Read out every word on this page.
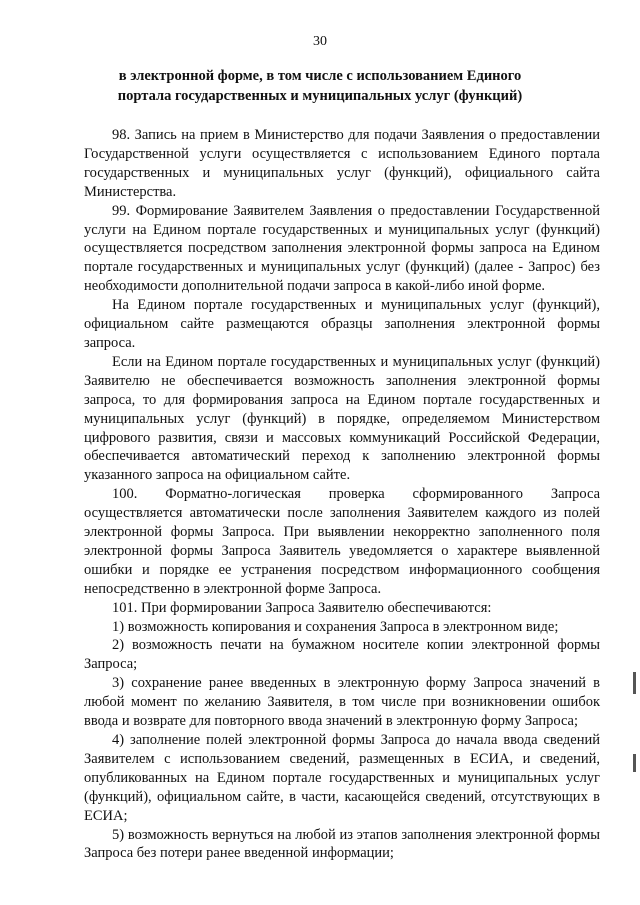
30
в электронной форме, в том числе с использованием Единого
портала государственных и муниципальных услуг (функций)

98. Запись на прием в Министерство для подачи Заявления о предоставлении Государственной услуги осуществляется с использованием Единого портала государственных и муниципальных услуг (функций), официального сайта Министерства.

99. Формирование Заявителем Заявления о предоставлении Государственной услуги на Едином портале государственных и муниципальных услуг (функций) осуществляется посредством заполнения электронной формы запроса на Едином портале государственных и муниципальных услуг (функций) (далее - Запрос) без необходимости дополнительной подачи запроса в какой-либо иной форме.

На Едином портале государственных и муниципальных услуг (функций), официальном сайте размещаются образцы заполнения электронной формы запроса.

Если на Едином портале государственных и муниципальных услуг (функций) Заявителю не обеспечивается возможность заполнения электронной формы запроса, то для формирования запроса на Едином портале государственных и муниципальных услуг (функций) в порядке, определяемом Министерством цифрового развития, связи и массовых коммуникаций Российской Федерации, обеспечивается автоматический переход к заполнению электронной формы указанного запроса на официальном сайте.

100. Форматно-логическая проверка сформированного Запроса осуществляется автоматически после заполнения Заявителем каждого из полей электронной формы Запроса. При выявлении некорректно заполненного поля электронной формы Запроса Заявитель уведомляется о характере выявленной ошибки и порядке ее устранения посредством информационного сообщения непосредственно в электронной форме Запроса.

101. При формировании Запроса Заявителю обеспечиваются:

1) возможность копирования и сохранения Запроса в электронном виде;

2) возможность печати на бумажном носителе копии электронной формы Запроса;

3) сохранение ранее введенных в электронную форму Запроса значений в любой момент по желанию Заявителя, в том числе при возникновении ошибок ввода и возврате для повторного ввода значений в электронную форму Запроса;

4) заполнение полей электронной формы Запроса до начала ввода сведений Заявителем с использованием сведений, размещенных в ЕСИА, и сведений, опубликованных на Едином портале государственных и муниципальных услуг (функций), официальном сайте, в части, касающейся сведений, отсутствующих в ЕСИА;

5) возможность вернуться на любой из этапов заполнения электронной формы Запроса без потери ранее введенной информации;
